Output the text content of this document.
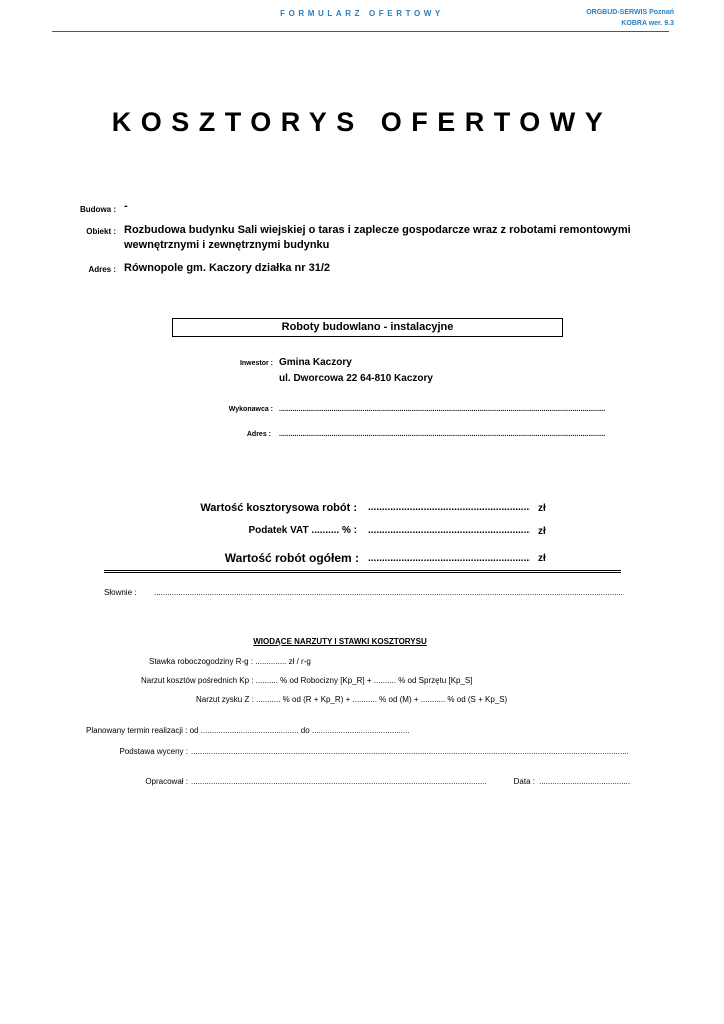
FORMULARZ OFERTOWY	ORGBUD-SERWIS Poznań
KOBRA wer. 9.3
KOSZTORYS OFERTOWY
Budowa : -
Obiekt : Rozbudowa budynku Sali wiejskiej o taras i zaplecze gospodarcze wraz z robotami remontowymi
wewnętrznymi i zewnętrznymi budynku
Adres : Równopole gm. Kaczory działka nr 31/2
Roboty budowlano - instalacyjne
Inwestor : Gmina Kaczory
ul. Dworcowa 22 64-810 Kaczory
Wykonawca :
.....
Adres :
.....
Wartość kosztorysowa robót : .....	zł
Podatek VAT .......... % : .....	zł
Wartość robót ogółem : .....	zł
Słownie :
.....
WIODĄCE NARZUTY I STAWKI KOSZTORYSU
Stawka roboczogodziny R-g : .............. zł / r-g
Narzut kosztów pośrednich Kp : .......... % od Robocizny [Kp_R] + .......... % od Sprzętu [Kp_S]
Narzut zysku Z : ........... % od (R + Kp_R) + ........... % od (M) + ........... % od (S + Kp_S)
Planowany termin realizacji : od ............................................ do ............................................
Podstawa wyceny :
.....
Opracował : .....	Data :
.....
